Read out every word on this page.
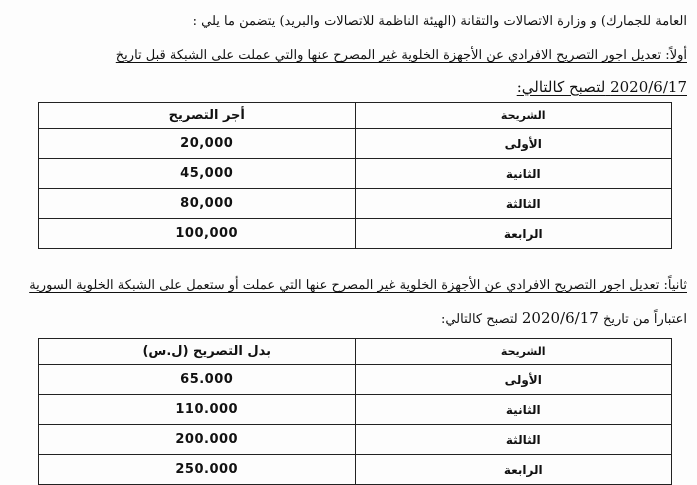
العامة للجمارك) و وزارة الاتصالات والتقانة (الهيئة الناظمة للاتصالات والبريد) يتضمن ما يلي :
أولاً: تعديل اجور التصريح الافرادي عن الأجهزة الخلوية غير المصرح عنها والتي عملت على الشبكة قبل تاريخ
2020/6/17 لتصبح كالتالي:
الشريحة	أجر التصريح
الأولى	20,000
الثانية	45,000
الثالثة	80,000
الرابعة	100,000
ثانياً: تعديل اجور التصريح الافرادي عن الأجهزة الخلوية غير المصرح عنها التي عملت أو ستعمل على الشبكة الخلوية السورية
اعتباراً من تاريخ 2020/6/17 لتصبح كالتالي:
الشريحة	بدل التصريح (ل.س)
الأولى	65.000
الثانية	110.000
الثالثة	200.000
الرابعة	250.000
